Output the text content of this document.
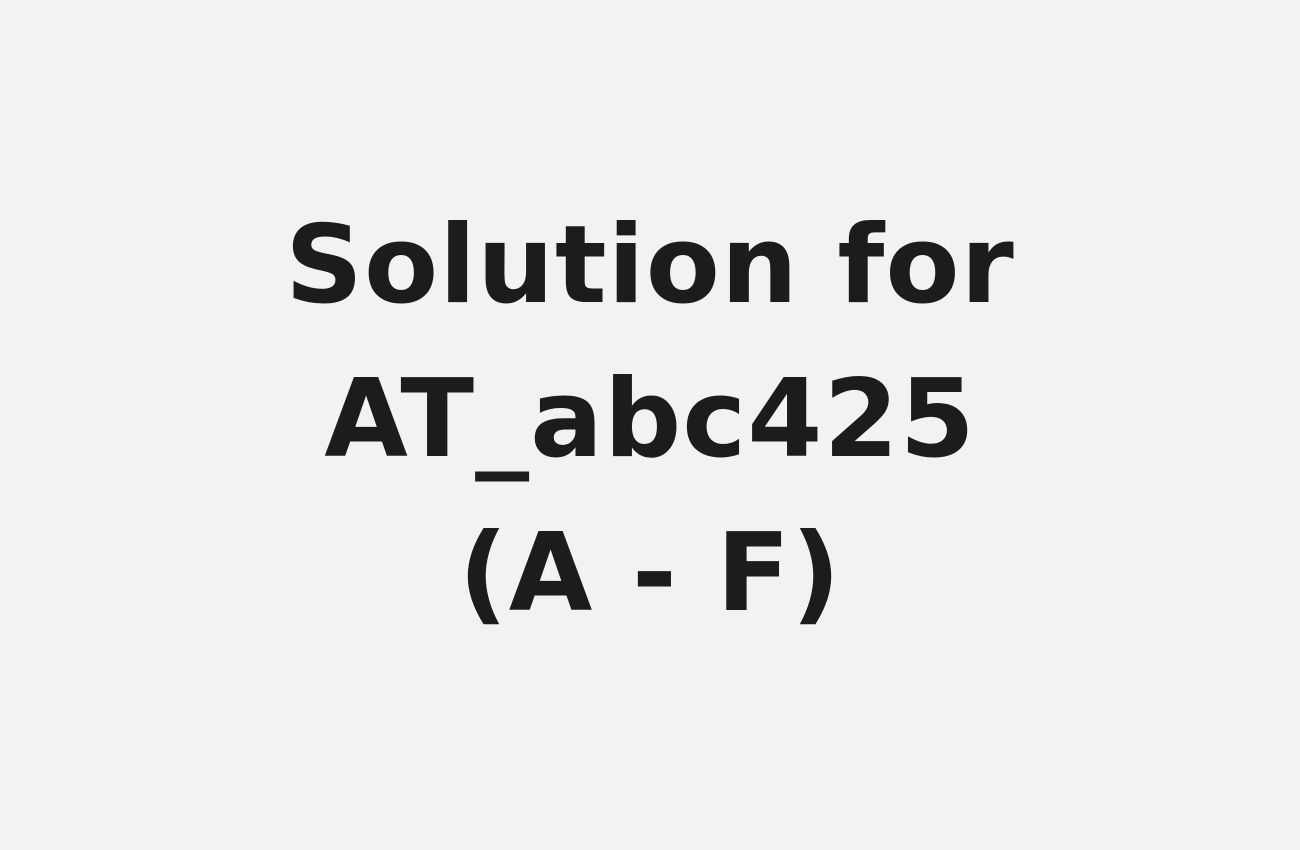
Solution for
AT_abc425
(A - F)
